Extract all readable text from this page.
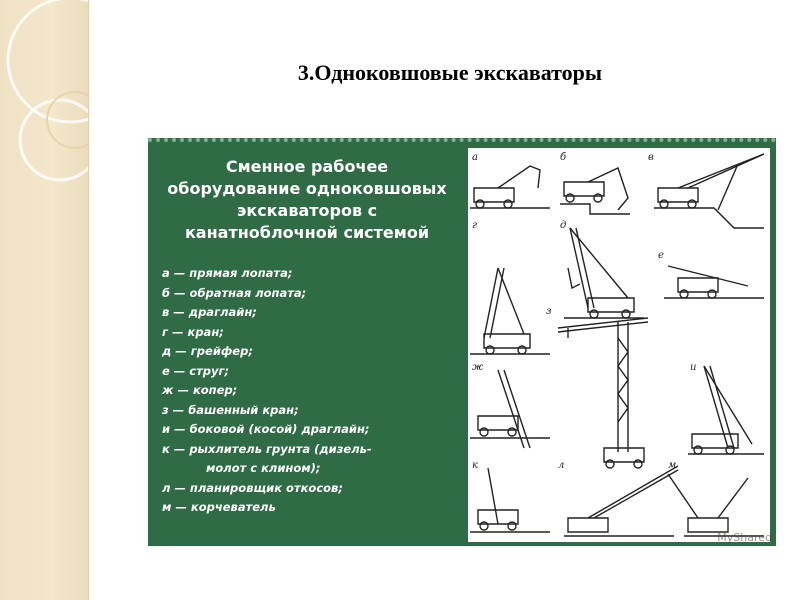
3.Одноковшовые экскаваторы
Сменное рабочее
оборудование одноковшовых
экскаваторов с
канатноблочной системой
а — прямая лопата;
б — обратная лопата;
в — драглайн;
г — кран;
д — грейфер;
е — струг;
ж — копер;
з — башенный кран;
и — боковой (косой) драглайн;
к — рыхлитель грунта (дизель-
молот с клином);
л — планировщик откосов;
м — корчеватель
а	б	в
г	д
е
з
ж	и
к	л	м
MyShared
